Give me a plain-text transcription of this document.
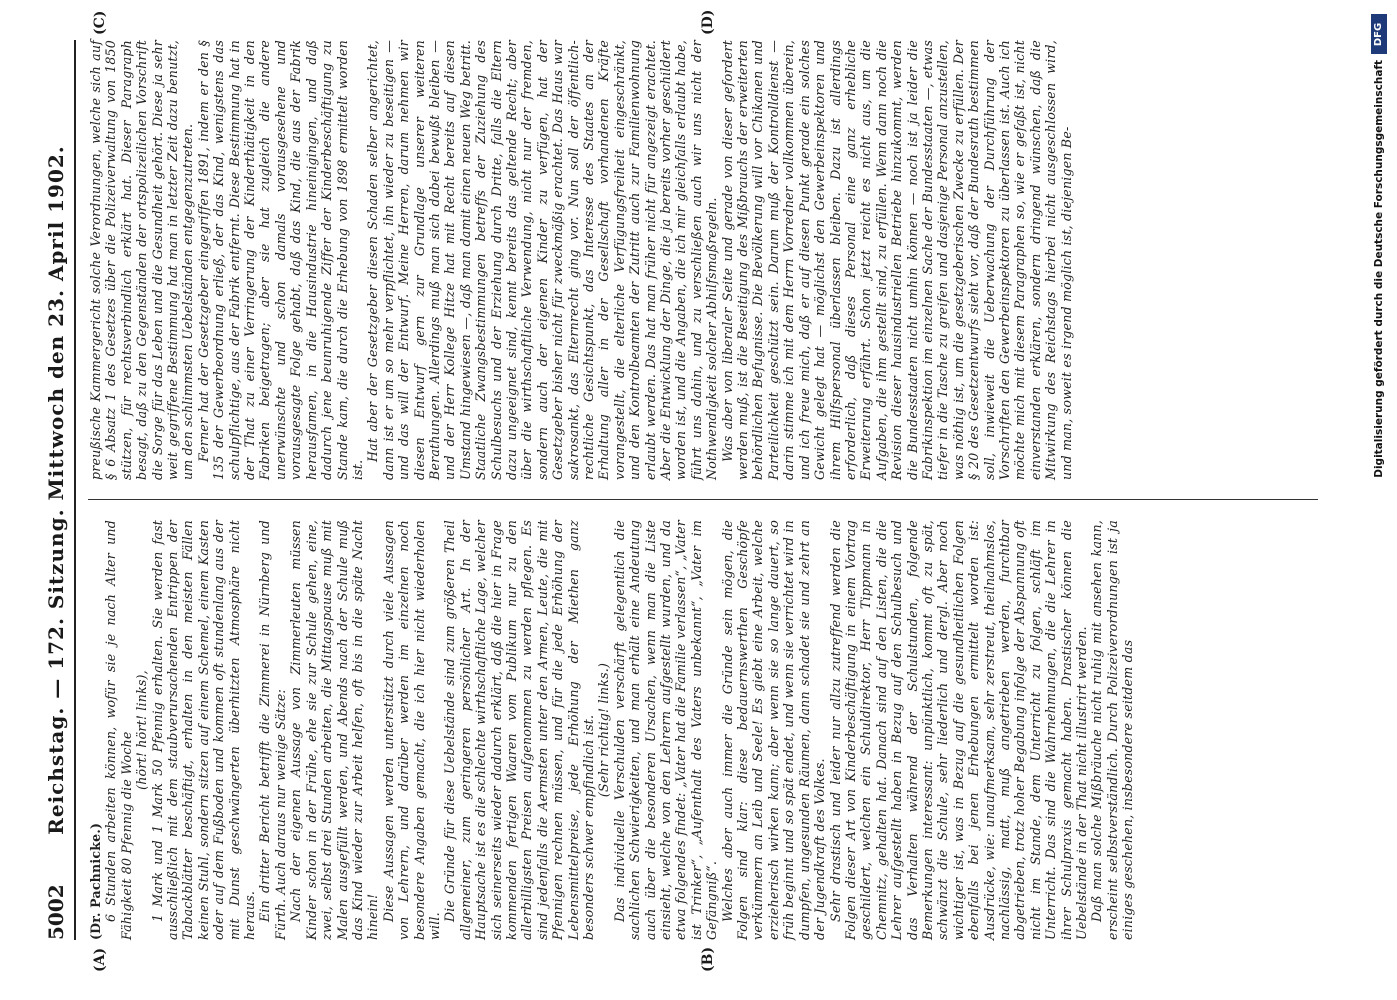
5002
Reichstag. — 172. Sitzung. Mittwoch den 23. April 1902.
(A)	(B)
(C)	(D)

(Dr. Pachnicke.) 6 Stunden arbeiten können, wofür sie je nach Alter und Fähigkeit 80 Pfennig die Woche

(hört! hört! links), 1 Mark und 1 Mark 50 Pfennig erhalten. Sie werden fast ausschließlich mit dem staubverursachenden Entrippen der Tabackblätter beschäftigt, erhalten in den meisten Fällen keinen Stuhl, sondern sitzen auf einem Schemel, einem Kasten oder auf dem Fußboden und kommen oft stundenlang aus der mit Dunst geschwängerten überhitzten Atmosphäre nicht heraus. Ein dritter Bericht betrifft die Zimmerei in Nürnberg und Fürth. Auch daraus nur wenige Sätze: Nach der eigenen Aussage von Zimmerleuten müssen Kinder schon in der Frühe, ehe sie zur Schule gehen, eine, zwei, selbst drei Stunden arbeiten, die Mittagspause muß mit Malen ausgefüllt werden, und Abends nach der Schule muß das Kind wieder zur Arbeit helfen, oft bis in die späte Nacht hinein! Diese Aussagen werden unterstützt durch viele Aussagen von Lehrern, und darüber werden im einzelnen noch besondere Angaben gemacht, die ich hier nicht wiederholen will.

Die Gründe für diese Uebelstände sind zum größeren Theil allgemeiner, zum geringeren persönlicher Art. In der Hauptsache ist es die schlechte wirthschaftliche Lage, welcher sich seinerseits wieder dadurch erklärt, daß die hier in Frage kommenden fertigen Waaren vom Publikum nur zu den allerbilligsten Preisen aufgenommen zu werden pflegen. Es sind jedenfalls die Aermsten unter den Armen, Leute, die mit Pfennigen rechnen müssen, und für die jede Erhöhung der Lebensmittelpreise, jede Erhöhung der Miethen ganz besonders schwer empfindlich ist. (Sehr richtig! links.) Das individuelle Verschulden verschärft gelegentlich die sachlichen Schwierigkeiten, und man erhält eine Andeutung auch über die besonderen Ursachen, wenn man die Liste einsieht, welche von den Lehrern aufgestellt wurden, und da etwa folgendes findet: „Vater hat die Familie verlassen“, „Vater ist Trinker“, „Aufenthalt des Vaters unbekannt“, „Vater im Gefängniß“. Welches aber auch immer die Gründe sein mögen, die Folgen sind klar: diese bedauernswerthen Geschöpfe verkümmern an Leib und Seele! Es giebt eine Arbeit, welche erzieherisch wirken kann; aber wenn sie so lange dauert, so früh beginnt und so spät endet, und wenn sie verrichtet wird in dumpfen, ungesunden Räumen, dann schadet sie und zehrt an der Jugendkraft des Volkes. Sehr drastisch und leider nur allzu zutreffend werden die Folgen dieser Art von Kinderbeschäftigung in einem Vortrag geschildert, welchen ein Schuldirektor, Herr Tippmann in Chemnitz, gehalten hat. Danach sind auf den Listen, die die Lehrer aufgestellt haben in Bezug auf den Schulbesuch und das Verhalten während der Schulstunden, folgende Bemerkungen interessant: unpünktlich, kommt oft zu spät, schwänzt die Schule, sehr liederlich und dergl. Aber noch wichtiger ist, was in Bezug auf die gesundheitlichen Folgen ebenfalls bei jenen Erhebungen ermittelt worden ist: Ausdrücke, wie: unaufmerksam, sehr zerstreut, theilnahmslos, nachlässig, matt, muß angetrieben werden, furchtbar abgetrieben, trotz hoher Begabung infolge der Abspannung oft nicht im Stande, dem Unterricht zu folgen, schläft im Unterricht. Das sind die Wahrnehmungen, die die Lehrer in ihrer Schulpraxis gemacht haben. Drastischer können die Uebelstände in der That nicht illustrirt werden. Daß man solche Mißbräuche nicht ruhig mit ansehen kann, erscheint selbstverständlich. Durch Polizeiverordnungen ist ja einiges geschehen, insbesondere seitdem das

preußische Kammergericht solche Verordnungen, welche sich auf § 6 Absatz 1 des Gesetzes über die Polizeiverwaltung von 1850 stützen, für rechtsverbindlich erklärt hat. Dieser Paragraph besagt, daß zu den Gegenständen der ortspolizeilichen Vorschrift die Sorge für das Leben und die Gesundheit gehört. Diese ja sehr weit gegriffene Bestimmung hat man in letzter Zeit dazu benutzt, um den schlimmsten Uebelständen entgegenzutreten. Ferner hat der Gesetzgeber eingegriffen 1891, indem er den § 135 der Gewerbeordnung erließ, der das Kind, wenigstens das schulpflichtige, aus der Fabrik entfernt. Diese Bestimmung hat in der That zu einer Verringerung der Kinderthätigkeit in den Fabriken beigetragen; aber sie hat zugleich die andere unerwünschte und schon damals vorausgesehene und vorausgesagte Folge gehabt, daß das Kind, die aus der Fabrik herausfamen, in die Hausindustrie hineinigingen, und daß dadurch jene beunruhigende Ziffer der Kinderbeschäftigung zu Stande kam, die durch die Erhebung von 1898 ermittelt worden ist.

Hat aber der Gesetzgeber diesen Schaden selber angerichtet, dann ist er um so mehr verpflichtet, ihn wieder zu beseitigen — und das will der Entwurf. Meine Herren, darum nehmen wir diesen Entwurf gern zur Grundlage unserer weiteren Berathungen. Allerdings muß man sich dabei bewußt bleiben — und der Herr Kollege Hitze hat mit Recht bereits auf diesen Umstand hingewiesen —, daß man damit einen neuen Weg betritt. Staatliche Zwangsbestimmungen betreffs der Zuziehung des Schulbesuchs und der Erziehung durch Dritte, falls die Eltern dazu ungeeignet sind, kennt bereits das geltende Recht; aber über die wirthschaftliche Verwendung, nicht nur der fremden, sondern auch der eigenen Kinder zu verfügen, hat der Gesetzgeber bisher nicht für zweckmäßig erachtet. Das Haus war sakrosankt, das Elternrecht ging vor. Nun soll der öffentlich-rechtliche Gesichtspunkt, das Interesse des Staates an der Erhaltung aller in der Gesellschaft vorhandenen Kräfte vorangestellt, die elterliche Verfügungsfreiheit eingeschränkt, und den Kontrolbeamten der Zutritt auch zur Familienwohnung erlaubt werden. Das hat man früher nicht für angezeigt erachtet. Aber die Entwicklung der Dinge, die ja bereits vorher geschildert worden ist, und die Angaben, die ich mir gleichfalls erlaubt habe, führt uns dahin, und zu verschließen auch wir uns nicht der Nothwendigkeit solcher Abhilfsmaßregeln. Was aber von liberaler Seite und gerade von dieser gefordert werden muß, ist die Beseitigung des Mißbrauchs der erweiterten behördlichen Befugnisse. Die Bevölkerung will vor Chikanen und Parteilichkeit geschützt sein. Darum muß der Kontrolldienst — darin stimme ich mit dem Herrn Vorredner vollkommen überein, und ich freue mich, daß er auf diesen Punkt gerade ein solches Gewicht gelegt hat — möglichst den Gewerbeinspektoren und ihrem Hilfspersonal überlassen bleiben. Dazu ist allerdings erforderlich, daß dieses Personal eine ganz erhebliche Erweiterung erfährt. Schon jetzt reicht es nicht aus, um die Aufgaben, die ihm gestellt sind, zu erfüllen. Wenn dann noch die Revision dieser hausindustriellen Betriebe hinzukommt, werden die Bundesstaaten nicht umhin können — noch ist ja leider die Fabrikinspektion im einzelnen Sache der Bundesstaaten —, etwas tiefer in die Tasche zu greifen und dasjenige Personal anzustellen, was nöthig ist, um die gesetzgeberischen Zwecke zu erfüllen. Der § 20 des Gesetzentwurfs sieht vor, daß der Bundesrath bestimmen soll, inwieweit die Ueberwachung der Durchführung der Vorschriften den Gewerbeinspektoren zu überlassen ist. Auch ich möchte mich mit diesem Paragraphen so, wie er gefaßt ist, nicht einverstanden erklären, sondern dringend wünschen, daß die Mitwirkung des Reichstags hierbei nicht ausgeschlossen wird, und man, soweit es irgend möglich ist, diejenigen Be-

DFG
Digitalisierung gefördert durch die Deutsche Forschungsgemeinschaft
